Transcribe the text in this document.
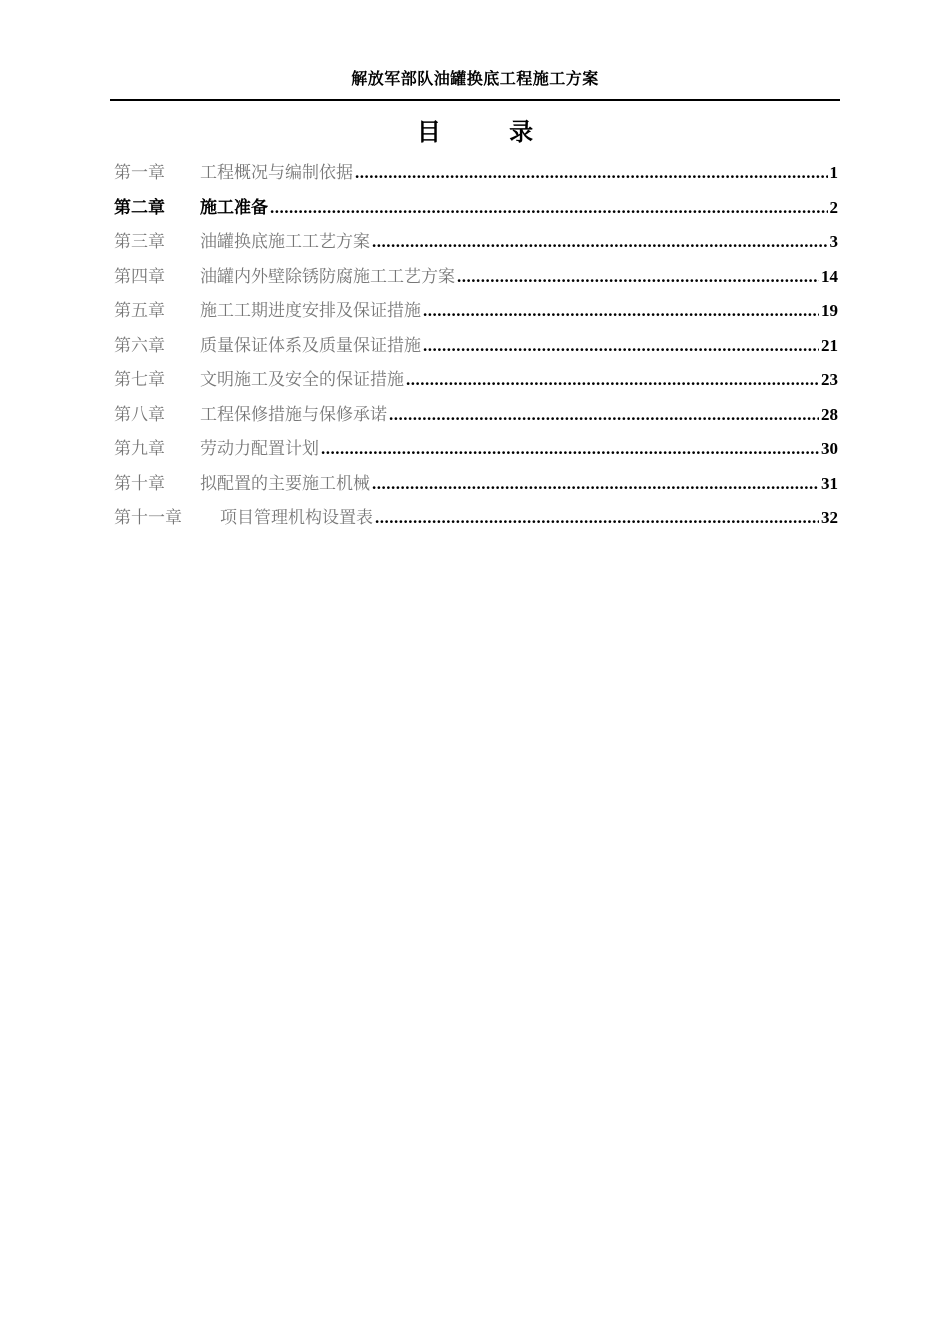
解放军部队油罐换底工程施工方案
目 录
第一章	工程概况与编制依据 .....	1
第二章	施工准备 .....	2
第三章	油罐换底施工工艺方案 .....	3
第四章	油罐内外壁除锈防腐施工工艺方案 .....	14
第五章	施工工期进度安排及保证措施 .....	19
第六章	质量保证体系及质量保证措施 .....	21
第七章	文明施工及安全的保证措施 .....	23
第八章	工程保修措施与保修承诺 .....	28
第九章	劳动力配置计划 .....	30
第十章	拟配置的主要施工机械 .....	31
第十一章	项目管理机构设置表 .....	32
